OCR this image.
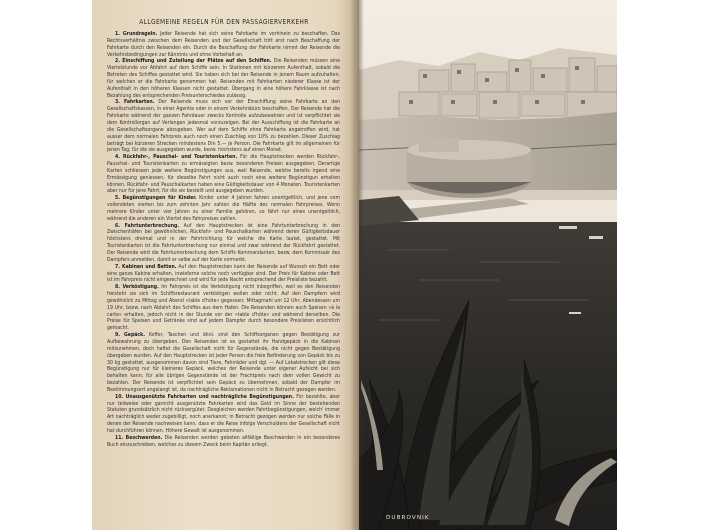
ALLGEMEINE REGELN FÜR DEN PASSAGIERVERKEHR

1. Grundregeln. Jeder Reisende hat sich seine Fahrkarte im vorhinein zu beschaffen. Das Rechtsverhältnis zwischen dem Reisenden und der Gesellschaft tritt erst nach Beschaffung der Fahrkarte durch den Reisenden ein. Durch die Beschaffung der Fahrkarte nimmt der Reisende die Verkehrsbedingungen zur Känntnis und ohne Vorbehalt an.

2. Einschiffung und Zuteilung der Plätze auf den Schiffen. Die Reisenden müssen eine Viertelstunde vor Abfahrt auf dem Schiffe sein. In Stationen mit kürzerem Aufenthalt, sobald die Betreten des Schiffes gestattet wird. Sie haben sich bei der Reisende in jenem Raum aufzuhalten, für welchen er die Fahrkarte genommen hat. Reisenden mit Fahrkarten niederer Klasse ist der Aufenthalt in den höheren Klassen nicht gestattet. Übergang in eine höhere Fahrklasse ist nach Bezahlung des entsprechenden Preisunterschiedes zulässig.

3. Fahrkarten. Der Reisende muss sich vor der Einschiffung seine Fahrkarte an den Gesellschaftskassen, in einer Agentie oder in einem Verkehrsbüro beschaffen. Der Reisende hat die Fahrkarte während der ganzen Fahrdauer zwecks Kontrolle aufzubewahren und ist verpflichtet sie dem Kontrollorgan auf Verlangen jedesmal vorzuzeigen. Bei der Ausschiffung ist die Fahrkarte an die Gesellschaftsorgane abzugeben. Wer auf dem Schiffe ohne Fahrkarte angetroffen wird, hat ausser dem normalen Fahrpreis auch noch einen Zuschlag von 10% zu bezahlen. Dieser Zuschlag beträgt bei kürzeren Strecken mindestens Din 5.— je Person. Die Fahrkarte gilt im allgemeinen für jenen Tag, für die sie ausgegeben wurde, bezw. höchstens auf einen Monat.

4. Rückfahr-, Pauschal- und Touristenkarten. Für die Hauptstrecken werden Rückfahr-, Pauschal- und Touristenkarten zu ermässigten bezw. besonderen Preisen ausgegeben. Derartige Karten schliessen jede weitere Begünstigungen aus, weil Reisende, welche bereits irgend eine Ermässigung geniessen, für dieselbe Fahrt nicht auch noch eine weitere Begünstigun erhalten können. Rückfahr- und Pauschalkarten haben eine Gültigkeitsdauer von 4 Monaten. Touristenkarten aber nur für jene Fahrt, für die sie bestellt und ausgegeben wurden.

5. Begünstigungen für Kinder. Kinder unter 4 Jahren fahren unentgeltlich, und jene vom vollendeten vierten bis zum zehnten Jahr zahlen die Hälfte des normalen Fahrpreises. Wenn mehrere Kinder unter vier Jahren zu einer Familie gehören, so fährt nur eines unentgeltlich, während die anderen ein Viertel des Fahrpreises zahlen.

6. Fahrtunterbrechung. Auf den Hauptstrecken ist eine Fahrtunterbrechung in den Zwischenhäfen bei gewöhnlichen, Rückfahr- und Pauschalkarten während deren Gültigkeitsdauer höchstens dreimal und in der Fahrtrichtung für welche die Karte lautet, gestattet. Mit Touristenkarten ist die Fahrtunterbrechung nur einmal und zwar während der Rückfahrt gestattet. Der Reisende wird die Fahrtunterbrechung dem Schiffs Kommandanten, bezw. dem Kommissär des Dampfers anmelden, damit er selbe auf der Karte vormerkt.

7. Kabinen und Betten. Auf den Hauptstrecken kann der Reisende auf Wunsch ein Bett oder eine ganze Kabine erhalten, inwieferne solche noch verfügbar sind. Der Preis für Kabine oder Bett ist im Fahrpreis nicht eingerechnet und wird für jede Nacht entsprechend der Preisliste bezahlt.

8. Verköstigung. Im Fahrpreis ist die Verköstigung nicht inbegriffen, weil es den Reisenden freisteht sie sich im Schiffsrestaurant verköstigen wollen oder nicht. Auf den Dampfern wird gewöhnlich zu Mittag und Abend »table d'hôte« gegessen; Mittagmahl um 12 Uhr, Abendessen um 19 Uhr, bezw. nach Ablahrt des Schiffes aus dem Hafen. Die Reisenden können auch Speisen »à la carte« erhalten, jedoch nicht in der Stunde vor der »table d'hôte« und während derselben. Die Preise für Speisen und Getränke sind auf jedem Dampfer durch besondere Preislisten ersichtlich gemacht.

9. Gepäck. Koffer, Taschen und ähnl. sind den Schiffsorganen gegen Bestätigung zur Aufbewahrung zu übergeben. Den Reisenden ist es gestattet ihr Handgepäck in die Kabinen mitzunehmen, doch haftet die Gesellschaft nicht für Gegenstände, die nicht gegen Bestätigung übergeben wurden. Auf den Hauptstrecken ist jeder Person die freie Beförderung von Gepäck bis zu 30 kg gestattet, ausgenommen davon sind Tiere, Fahrräder und dgl. — Auf Lokalstrecken gilt diese Begünstigung nur für kleineres Gepäck, welches der Reisende unter eigener Aufsicht bei sich behalten kann; für alle übrigen Gegenstände ist der Frachtpreis nach dem vollen Gewicht zu bezahlen. Der Reisende ist verpflichtet sein Gepäck zu übernehmen, sobald der Dampfer im Bestimmungsort angelangt ist, da nachträgliche Reklamationen nicht in Betracht gezogen werden.

10. Unausgenützte Fahrkarten und nachträgliche Begünstigungen. Für bezahlte, aber nur teilweise oder garnicht ausgenützte Fahrkarten wird das Geld im Sinne der bestehenden Statuten grundsätzlich nicht rückvergütet. Desgleichen werden Fahrtbegünstigungen, welch' immer Art nachträglich weder zugebilligt, noch anerkannt; in Betracht gezogen werden nur solche Fälle in denen der Reisende nachweisen kann, dass er die Reise infolge Verschuldens der Gesellschaft nicht hat durchführen können. Höhere Gewalt ist ausgenommen.

11. Beschwerden. Die Reisenden werden gebeten allfällige Beschwerden in ein besonderes Buch einzuschreiben, welches zu diesem Zweck beim Kapitän erliegt.

DUBROVNIK
